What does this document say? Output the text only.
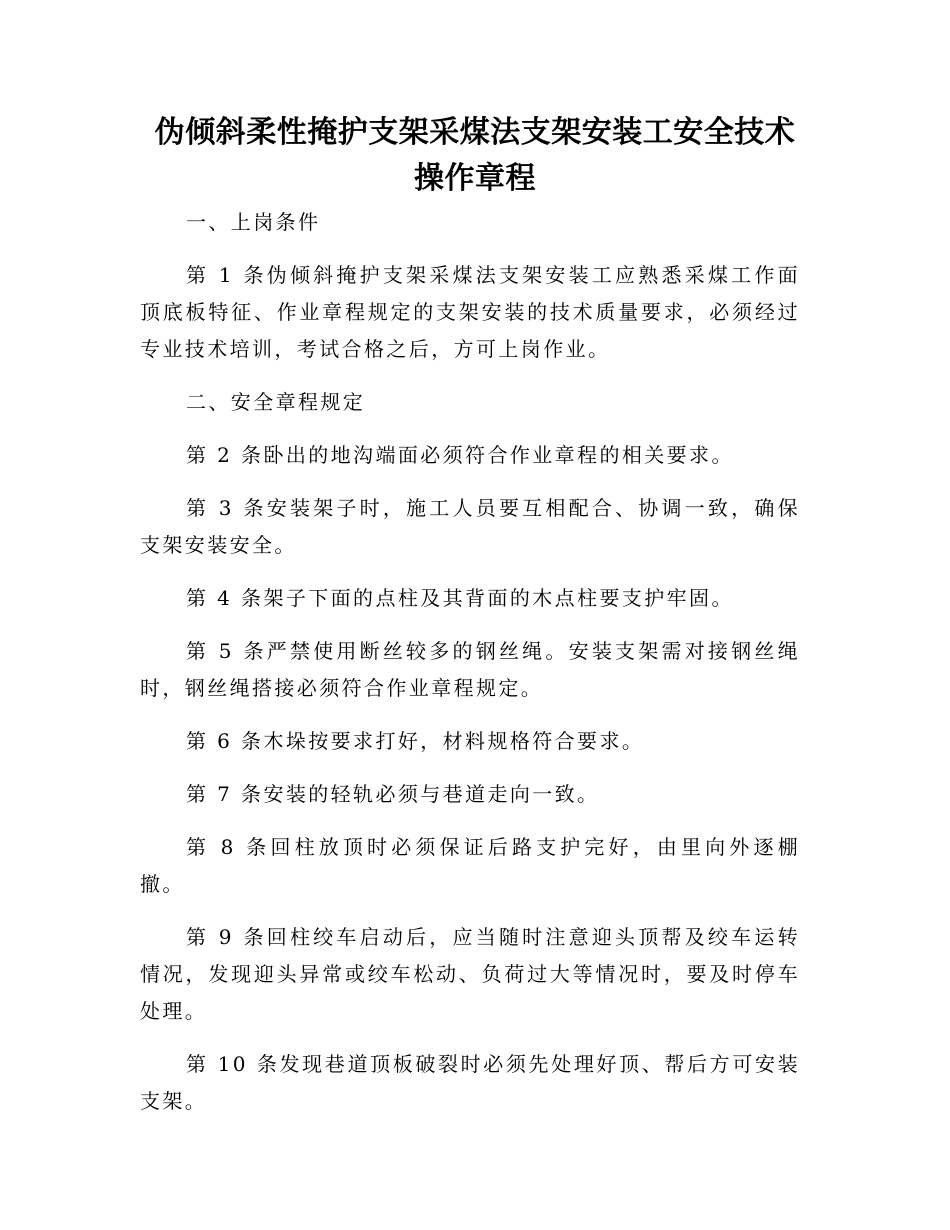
伪倾斜柔性掩护支架采煤法支架安装工安全技术
操作章程

一、上岗条件

第 1 条伪倾斜掩护支架采煤法支架安装工应熟悉采煤工作面顶底板特征、作业章程规定的支架安装的技术质量要求，必须经过专业技术培训，考试合格之后，方可上岗作业。

二、安全章程规定

第 2 条卧出的地沟端面必须符合作业章程的相关要求。

第 3 条安装架子时，施工人员要互相配合、协调一致，确保支架安装安全。

第 4 条架子下面的点柱及其背面的木点柱要支护牢固。

第 5 条严禁使用断丝较多的钢丝绳。安装支架需对接钢丝绳时，钢丝绳搭接必须符合作业章程规定。

第 6 条木垛按要求打好，材料规格符合要求。

第 7 条安装的轻轨必须与巷道走向一致。

第 8 条回柱放顶时必须保证后路支护完好，由里向外逐棚撤。

第 9 条回柱绞车启动后，应当随时注意迎头顶帮及绞车运转情况，发现迎头异常或绞车松动、负荷过大等情况时，要及时停车处理。

第 10 条发现巷道顶板破裂时必须先处理好顶、帮后方可安装支架。
